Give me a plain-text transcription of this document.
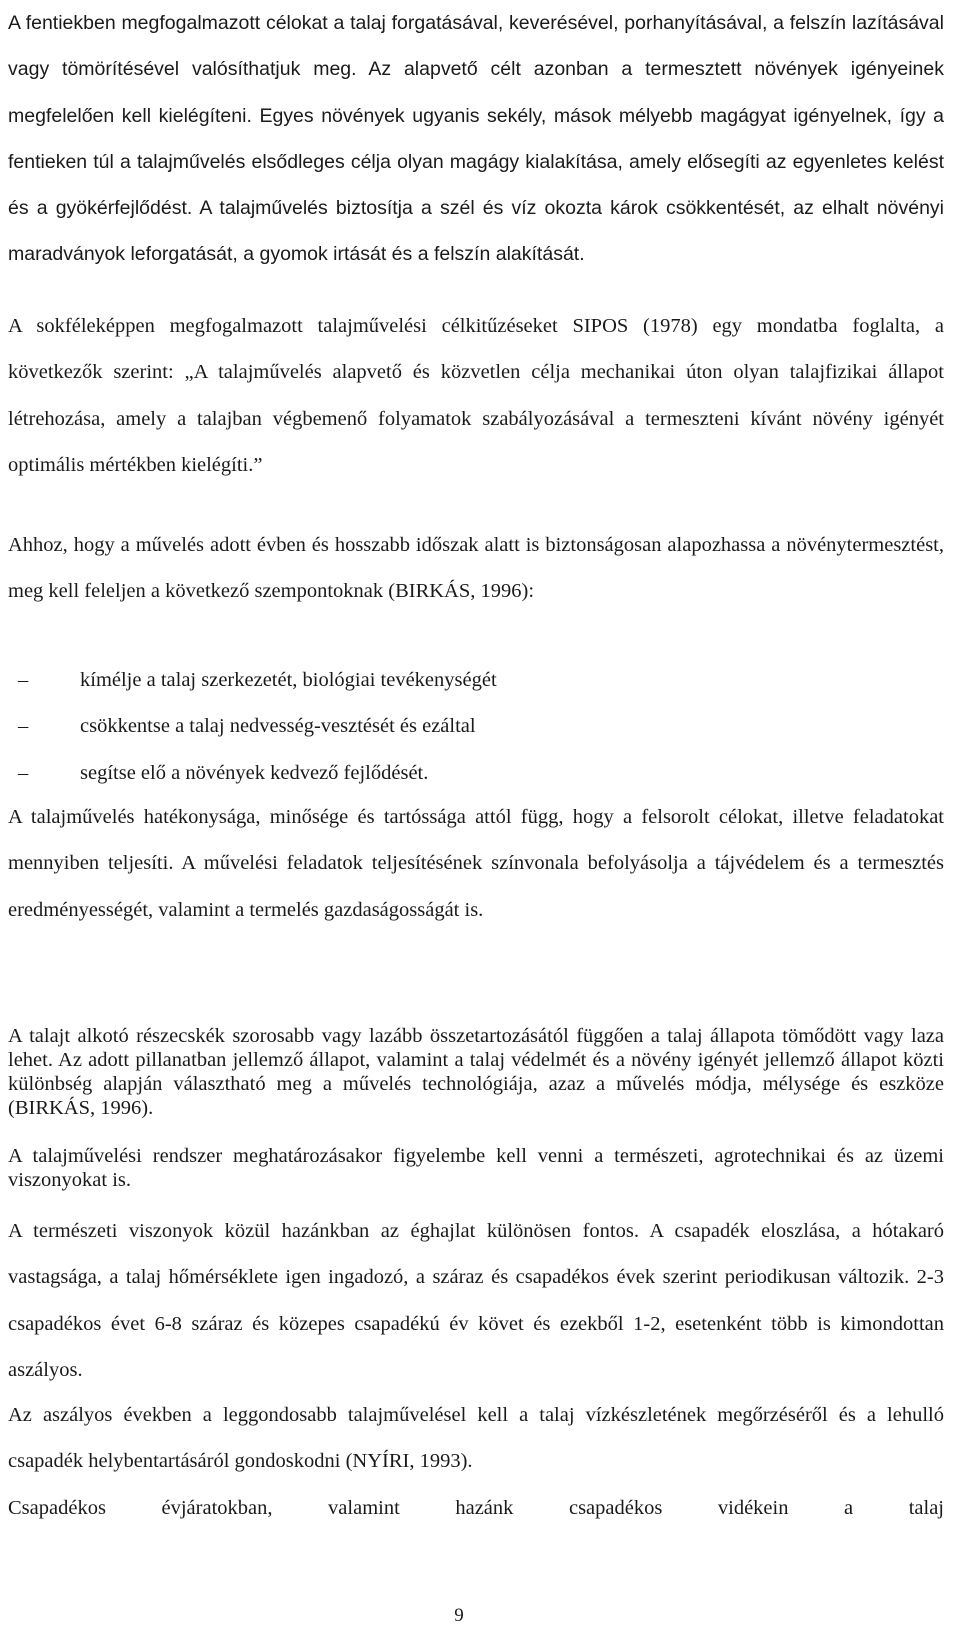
A fentiekben megfogalmazott célokat a talaj forgatásával, keverésével, porhanyításával, a felszín lazításával vagy tömörítésével valósíthatjuk meg. Az alapvető célt azonban a termesztett növények igényeinek megfelelően kell kielégíteni. Egyes növények ugyanis sekély, mások mélyebb magágyat igényelnek, így a fentieken túl a talajművelés elsődleges célja olyan magágy kialakítása, amely elősegíti az egyenletes kelést és a gyökérfejlődést. A talajművelés biztosítja a szél és víz okozta károk csökkentését, az elhalt növényi maradványok leforgatását, a gyomok irtását és a felszín alakítását.

A sokféleképpen megfogalmazott talajművelési célkitűzéseket SIPOS (1978) egy mondatba foglalta, a következők szerint: „A talajművelés alapvető és közvetlen célja mechanikai úton olyan talajfizikai állapot létrehozása, amely a talajban végbemenő folyamatok szabályozásával a termeszteni kívánt növény igényét optimális mértékben kielégíti.”

Ahhoz, hogy a művelés adott évben és hosszabb időszak alatt is biztonságosan alapozhassa a növénytermesztést, meg kell feleljen a következő szempontoknak (BIRKÁS, 1996):

–	kímélje a talaj szerkezetét, biológiai tevékenységét
–	csökkentse a talaj nedvesség-vesztését és ezáltal
–	segítse elő a növények kedvező fejlődését.

A talajművelés hatékonysága, minősége és tartóssága attól függ, hogy a felsorolt célokat, illetve feladatokat mennyiben teljesíti. A művelési feladatok teljesítésének színvonala befolyásolja a tájvédelem és a termesztés eredményességét, valamint a termelés gazdaságosságát is.

A talajt alkotó részecskék szorosabb vagy lazább összetartozásától függően a talaj állapota tömődött vagy laza lehet. Az adott pillanatban jellemző állapot, valamint a talaj védelmét és a növény igényét jellemző állapot közti különbség alapján választható meg a művelés technológiája, azaz a művelés módja, mélysége és eszköze (BIRKÁS, 1996).

A talajművelési rendszer meghatározásakor figyelembe kell venni a természeti, agrotechnikai és az üzemi viszonyokat is.

A természeti viszonyok közül hazánkban az éghajlat különösen fontos. A csapadék eloszlása, a hótakaró vastagsága, a talaj hőmérséklete igen ingadozó, a száraz és csapadékos évek szerint periodikusan változik. 2-3 csapadékos évet 6-8 száraz és közepes csapadékú év követ és ezekből 1-2, esetenként több is kimondottan aszályos.

Az aszályos években a leggondosabb talajművelésel kell a talaj vízkészletének megőrzéséről és a lehulló csapadék helybentartásáról gondoskodni (NYÍRI, 1993).

Csapadékos évjáratokban, valamint hazánk csapadékos vidékein a talaj

9
